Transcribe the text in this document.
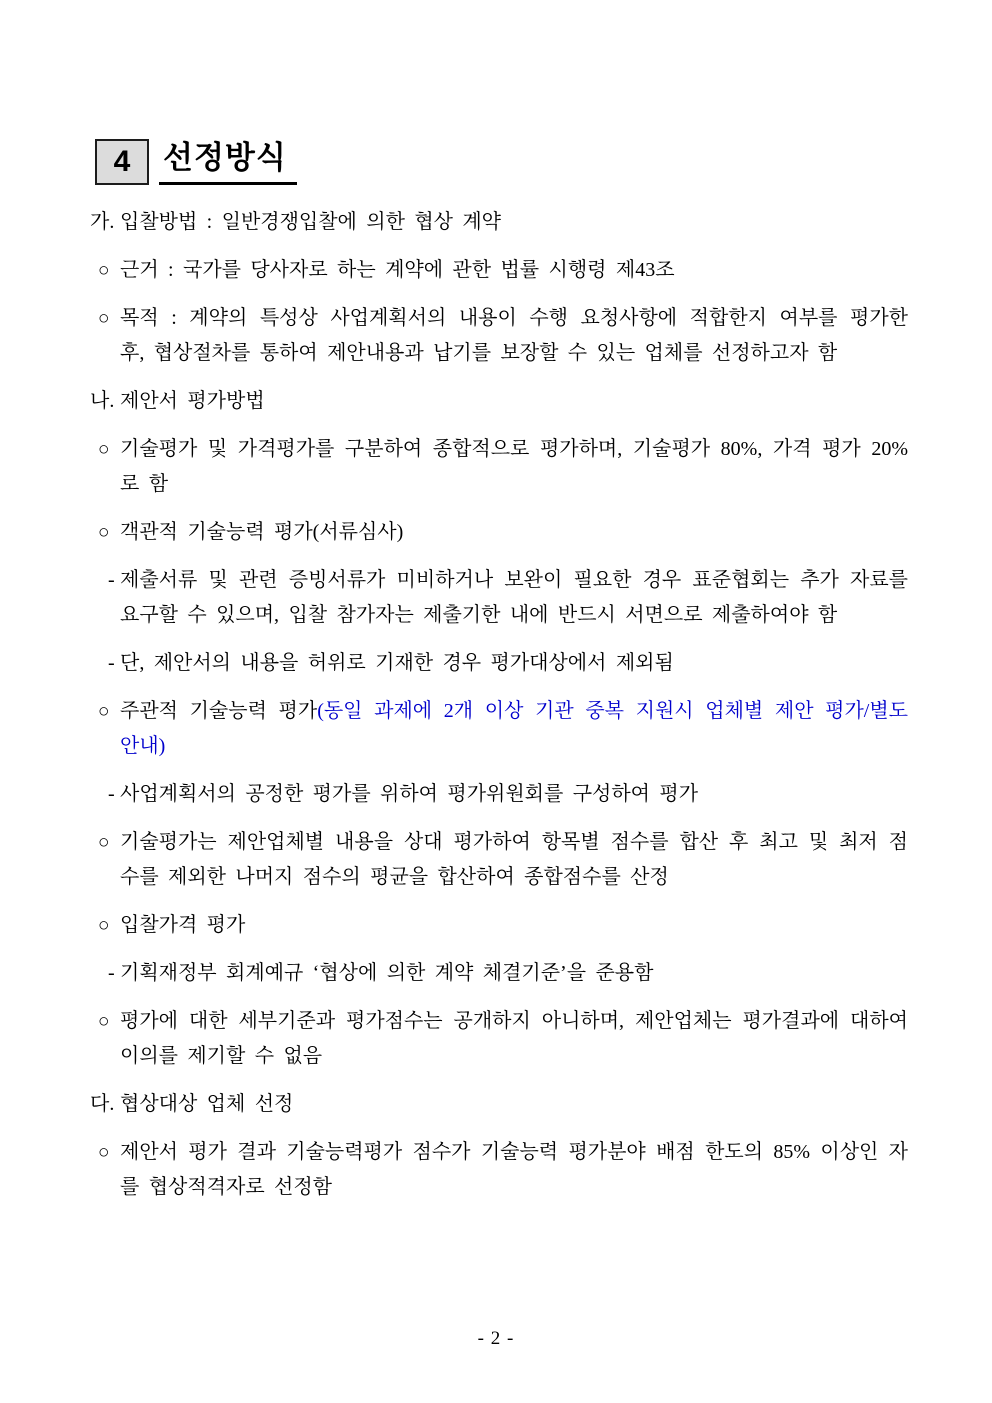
4 선정방식

가. 입찰방법 : 일반경쟁입찰에 의한 협상 계약

○ 근거 : 국가를 당사자로 하는 계약에 관한 법률 시행령 제43조

○ 목적 : 계약의 특성상 사업계획서의 내용이 수행 요청사항에 적합한지 여부를 평가한 후, 협상절차를 통하여 제안내용과 납기를 보장할 수 있는 업체를 선정하고자 함

나. 제안서 평가방법

○ 기술평가 및 가격평가를 구분하여 종합적으로 평가하며, 기술평가 80%, 가격 평가 20%로 함

○ 객관적 기술능력 평가(서류심사)

- 제출서류 및 관련 증빙서류가 미비하거나 보완이 필요한 경우 표준협회는 추가 자료를 요구할 수 있으며, 입찰 참가자는 제출기한 내에 반드시 서면으로 제출하여야 함

- 단, 제안서의 내용을 허위로 기재한 경우 평가대상에서 제외됨

○ 주관적 기술능력 평가(동일 과제에 2개 이상 기관 중복 지원시 업체별 제안 평가/별도 안내)

- 사업계획서의 공정한 평가를 위하여 평가위원회를 구성하여 평가

○ 기술평가는 제안업체별 내용을 상대 평가하여 항목별 점수를 합산 후 최고 및 최저 점수를 제외한 나머지 점수의 평균을 합산하여 종합점수를 산정

○ 입찰가격 평가

- 기획재정부 회계예규 ‘협상에 의한 계약 체결기준’을 준용함

○ 평가에 대한 세부기준과 평가점수는 공개하지 아니하며, 제안업체는 평가결과에 대하여 이의를 제기할 수 없음

다. 협상대상 업체 선정

○ 제안서 평가 결과 기술능력평가 점수가 기술능력 평가분야 배점 한도의 85% 이상인 자를 협상적격자로 선정함

- 2 -
